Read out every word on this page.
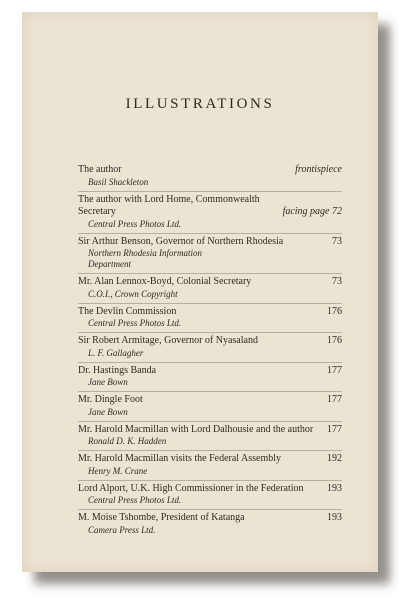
ILLUSTRATIONS
The author
Basil Shackleton
frontispiece
The author with Lord Home, Commonwealth Secretary
Central Press Photos Ltd.
facing page 72
Sir Arthur Benson, Governor of Northern Rhodesia
Northern Rhodesia Information Department
73
Mr. Alan Lennox-Boyd, Colonial Secretary
C.O.I., Crown Copyright
73
The Devlin Commission
Central Press Photos Ltd.
176
Sir Robert Armitage, Governor of Nyasaland
L. F. Gallagher
176
Dr. Hastings Banda
Jane Bown
177
Mr. Dingle Foot
Jane Bown
177
Mr. Harold Macmillan with Lord Dalhousie and the author
Ronald D. K. Hadden
177
Mr. Harold Macmillan visits the Federal Assembly
Henry M. Crane
192
Lord Alport, U.K. High Commissioner in the Federation
Central Press Photos Ltd.
193
M. Moise Tshombe, President of Katanga
Camera Press Ltd.
193
